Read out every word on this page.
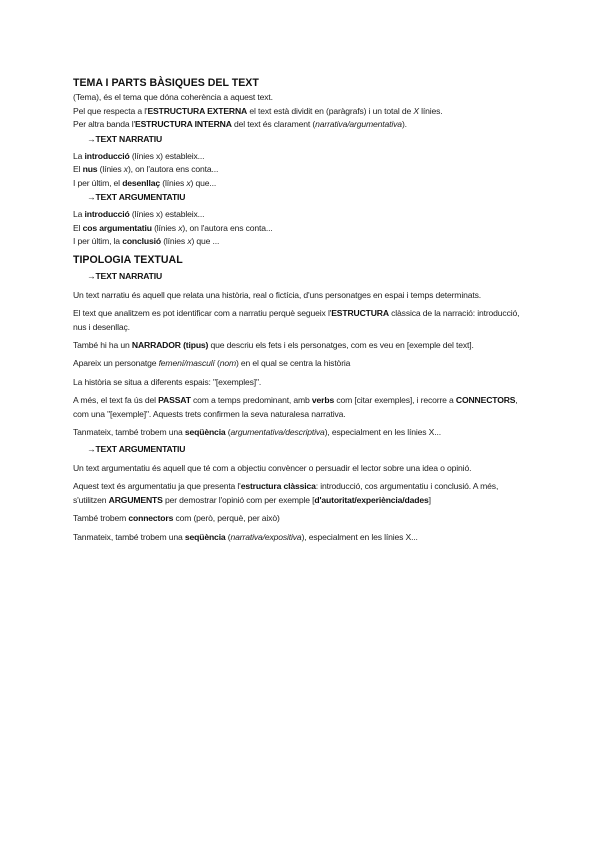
TEMA I PARTS BÀSIQUES DEL TEXT
(Tema), és el tema que dóna coherència a aquest text.
Pel que respecta a l'ESTRUCTURA EXTERNA el text està dividit en (paràgrafs) i un total de X línies.
Per altra banda l'ESTRUCTURA INTERNA del text és clarament (narrativa/argumentativa).
→TEXT NARRATIU
La introducció (línies x) estableix...
El nus (línies x), on l'autora ens conta...
I per últim, el desenllaç (línies x) que...
→TEXT ARGUMENTATIU
La introducció (línies x) estableix...
El cos argumentatiu (línies x), on l'autora ens conta...
I per últim, la conclusió (línies x) que ...
TIPOLOGIA TEXTUAL
→TEXT NARRATIU

Un text narratiu és aquell que relata una història, real o fictícia, d'uns personatges en espai i temps determinats.

El text que analitzem es pot identificar com a narratiu perquè segueix l'ESTRUCTURA clàssica de la narració: introducció, nus i desenllaç.

També hi ha un NARRADOR (tipus) que descriu els fets i els personatges, com es veu en [exemple del text].

Apareix un personatge femení/masculí (nom) en el qual se centra la història

La història se situa a diferents espais: "[exemples]".

A més, el text fa ús del PASSAT com a temps predominant, amb verbs com [citar exemples], i recorre a CONNECTORS, com una "[exemple]". Aquests trets confirmen la seva naturalesa narrativa.

Tanmateix, també trobem una seqüència (argumentativa/descriptiva), especialment en les línies X...

→TEXT ARGUMENTATIU

Un text argumentatiu és aquell que té com a objectiu convèncer o persuadir el lector sobre una idea o opinió.

Aquest text és argumentatiu ja que presenta l'estructura clàssica: introducció, cos argumentatiu i conclusió. A més, s'utilitzen ARGUMENTS per demostrar l'opinió com per exemple [d'autoritat/experiència/dades]

També trobem connectors com (però, perquè, per això)

Tanmateix, també trobem una seqüència (narrativa/expositiva), especialment en les línies X...
